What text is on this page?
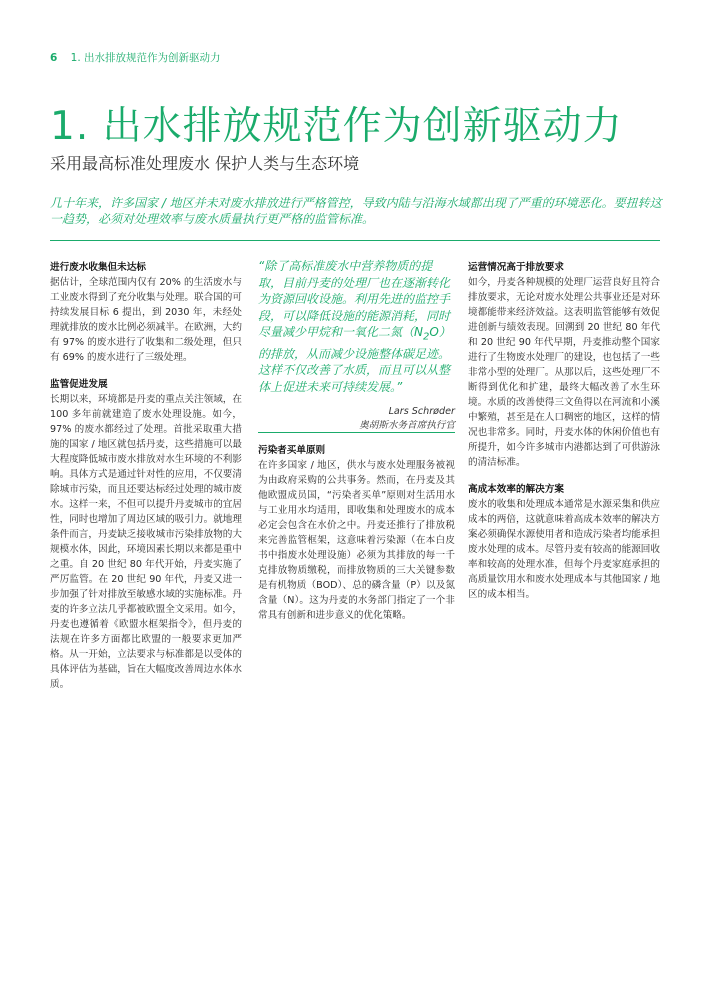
6 1. 出水排放规范作为创新驱动力
1. 出水排放规范作为创新驱动力
采用最高标准处理废水 保护人类与生态环境

几十年来，许多国家 / 地区并未对废水排放进行严格管控，导致内陆与沿海水域都出现了严重的环境恶化。要扭转这一趋势，必须对处理效率与废水质量执行更严格的监管标准。

进行废水收集但未达标

据估计，全球范围内仅有 20% 的生活废水与工业废水得到了充分收集与处理。联合国的可持续发展目标 6 提出，到 2030 年，未经处理就排放的废水比例必须减半。在欧洲，大约有 97% 的废水进行了收集和二级处理，但只有 69% 的废水进行了三级处理。

监管促进发展

长期以来，环境都是丹麦的重点关注领域，在 100 多年前就建造了废水处理设施。如今，97% 的废水都经过了处理。首批采取重大措施的国家 / 地区就包括丹麦，这些措施可以最大程度降低城市废水排放对水生环境的不利影响。具体方式是通过针对性的应用，不仅要清除城市污染，而且还要达标经过处理的城市废水。这样一来，不但可以提升丹麦城市的宜居性，同时也增加了周边区域的吸引力。就地理条件而言，丹麦缺乏接收城市污染排放物的大规模水体，因此，环境因素长期以来都是重中之重。自 20 世纪 80 年代开始，丹麦实施了严厉监管。在 20 世纪 90 年代，丹麦又进一步加强了针对排放至敏感水域的实施标准。丹麦的许多立法几乎都被欧盟全文采用。如今，丹麦也遵循着《欧盟水框架指令》，但丹麦的法规在许多方面都比欧盟的一般要求更加严格。从一开始，立法要求与标准都是以受体的具体评估为基础，旨在大幅度改善周边水体水质。

“除了高标准废水中营养物质的提取，目前丹麦的处理厂也在逐渐转化为资源回收设施。利用先进的监控手段，可以降低设施的能源消耗，同时尽量减少甲烷和一氧化二氮$(N_2O)$的排放，从而减少设施整体碳足迹。这样不仅改善了水质，而且可以从整体上促进未来可持续发展。”

Lars Schrøder
奥胡斯水务首席执行官
污染者买单原则

在许多国家 / 地区，供水与废水处理服务被视为由政府采购的公共事务。然而，在丹麦及其他欧盟成员国，“污染者买单”原则对生活用水与工业用水均适用，即收集和处理废水的成本必定会包含在水价之中。丹麦还推行了排放税来完善监管框架，这意味着污染源（在本白皮书中指废水处理设施）必须为其排放的每一千克排放物质缴税，而排放物质的三大关键参数是有机物质（BOD）、总的磷含量（P）以及氮含量（N）。这为丹麦的水务部门指定了一个非常具有创新和进步意义的优化策略。

运营情况高于排放要求

如今，丹麦各种规模的处理厂运营良好且符合排放要求，无论对废水处理公共事业还是对环境都能带来经济效益。这表明监管能够有效促进创新与绩效表现。回溯到 20 世纪 80 年代和 20 世纪 90 年代早期，丹麦推动整个国家进行了生物废水处理厂的建设，也包括了一些非常小型的处理厂。从那以后，这些处理厂不断得到优化和扩建，最终大幅改善了水生环境。水质的改善使得三文鱼得以在河流和小溪中繁殖，甚至是在人口稠密的地区，这样的情况也非常多。同时，丹麦水体的休闲价值也有所提升，如今许多城市内港都达到了可供游泳的清洁标准。

高成本效率的解决方案

废水的收集和处理成本通常是水源采集和供应成本的两倍，这就意味着高成本效率的解决方案必须确保水源使用者和造成污染者均能承担废水处理的成本。尽管丹麦有较高的能源回收率和较高的处理水准，但每个丹麦家庭承担的高质量饮用水和废水处理成本与其他国家 / 地区的成本相当。
